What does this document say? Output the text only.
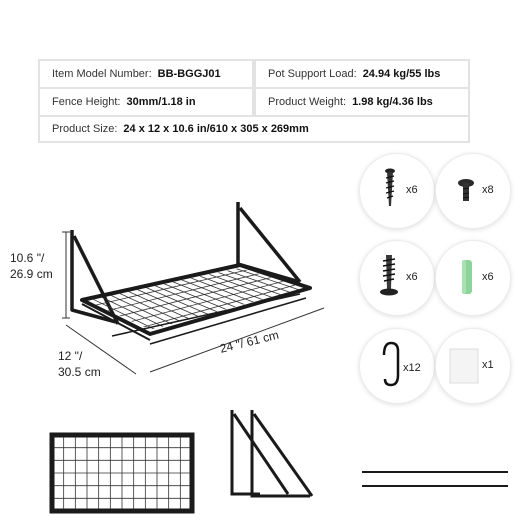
Item Model Number: BB-BGGJ01	Pot Support Load: 24.94 kg/55 lbs
Fence Height: 30mm/1.18 in	Product Weight: 1.98 kg/4.36 lbs
Product Size: 24 x 12 x 10.6 in/610 x 305 x 269mm
10.6 "/
26.9 cm
12 "/
30.5 cm
24 "/ 61 cm
x6	x8
x6	x6
x12	x1
